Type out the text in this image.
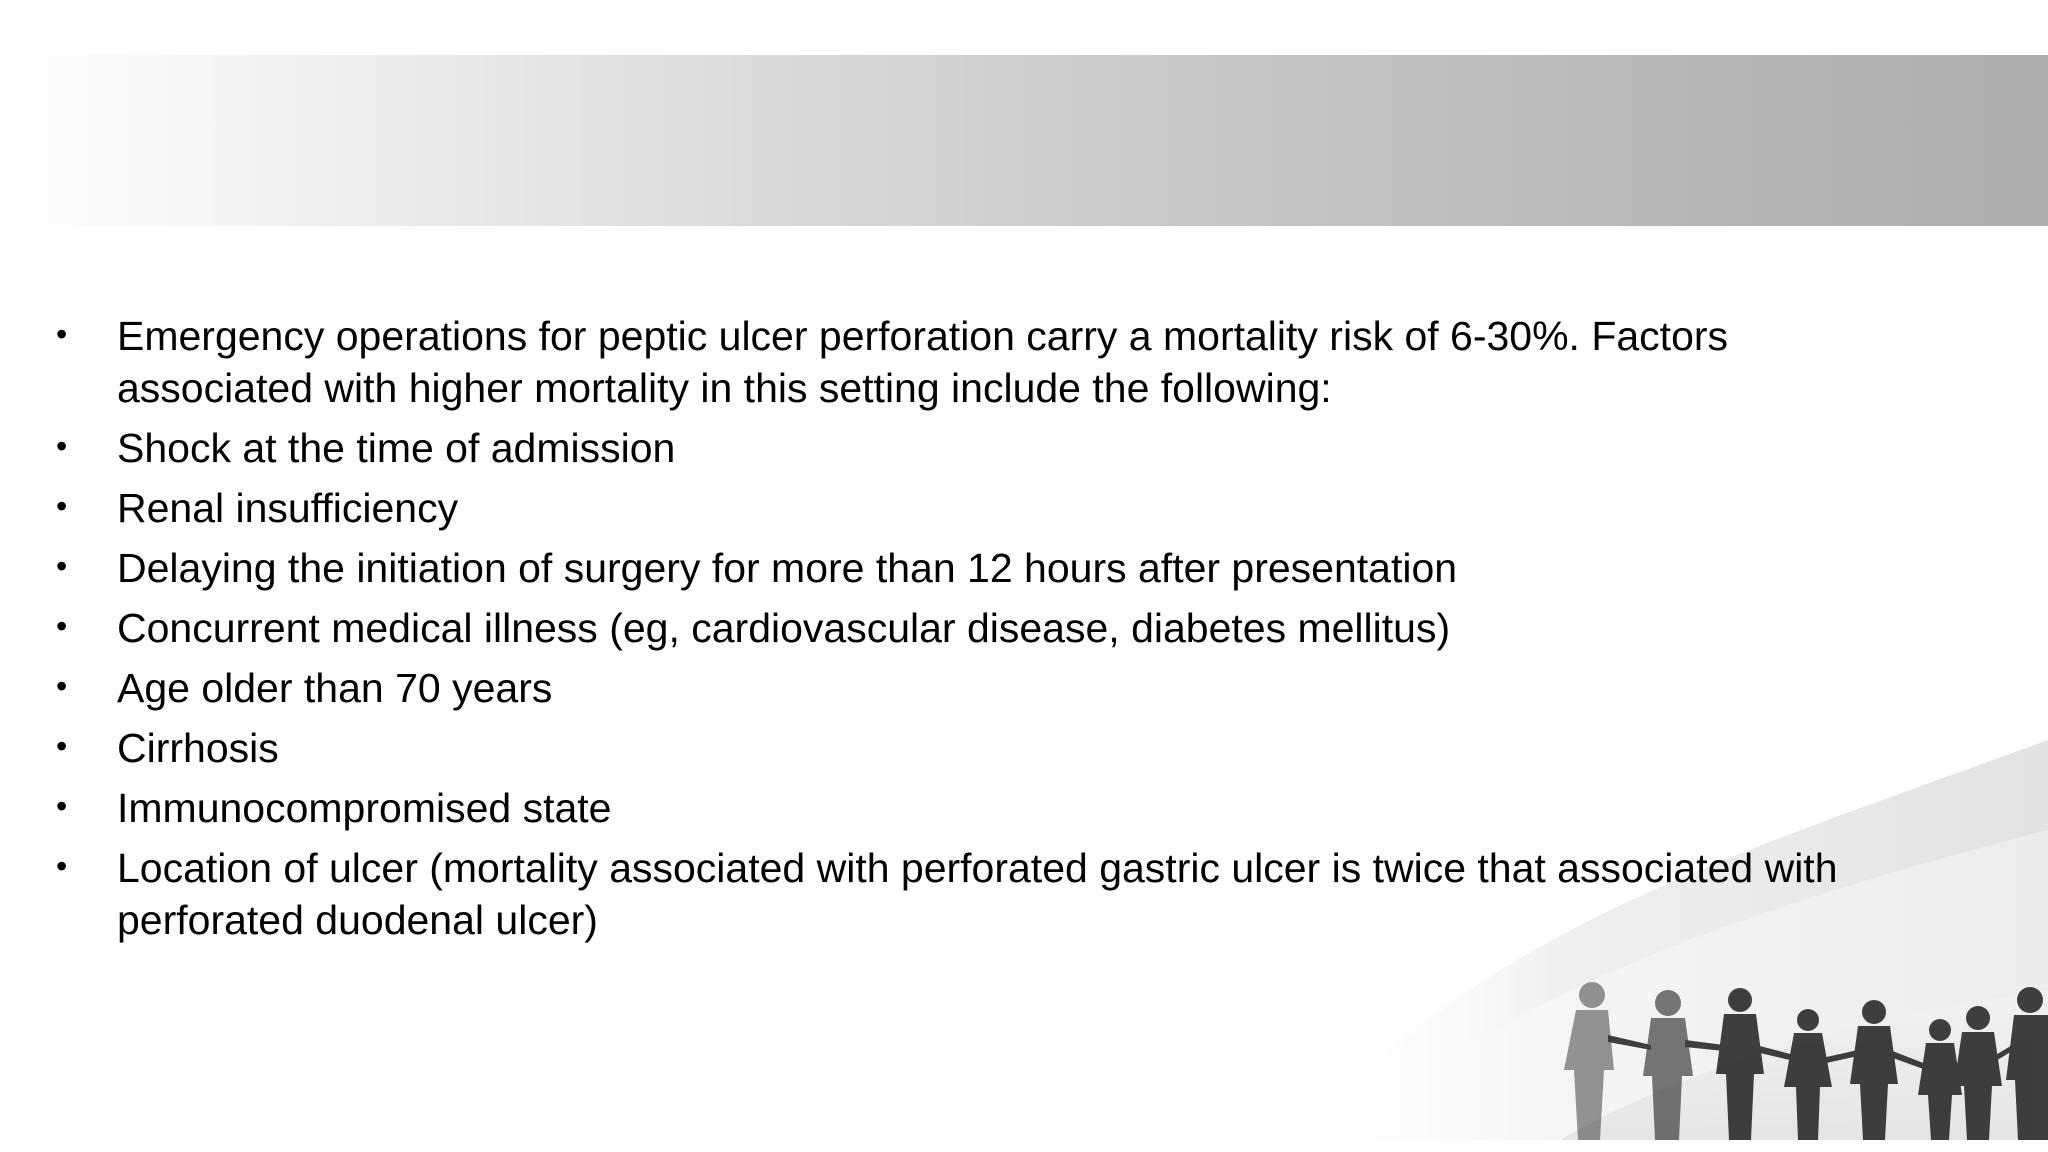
• Emergency operations for peptic ulcer perforation carry a mortality risk of 6-30%. Factors associated with higher mortality in this setting include the following:
• Shock at the time of admission
• Renal insufficiency
• Delaying the initiation of surgery for more than 12 hours after presentation
• Concurrent medical illness (eg, cardiovascular disease, diabetes mellitus)
• Age older than 70 years
• Cirrhosis
• Immunocompromised state
• Location of ulcer (mortality associated with perforated gastric ulcer is twice that associated with perforated duodenal ulcer)
